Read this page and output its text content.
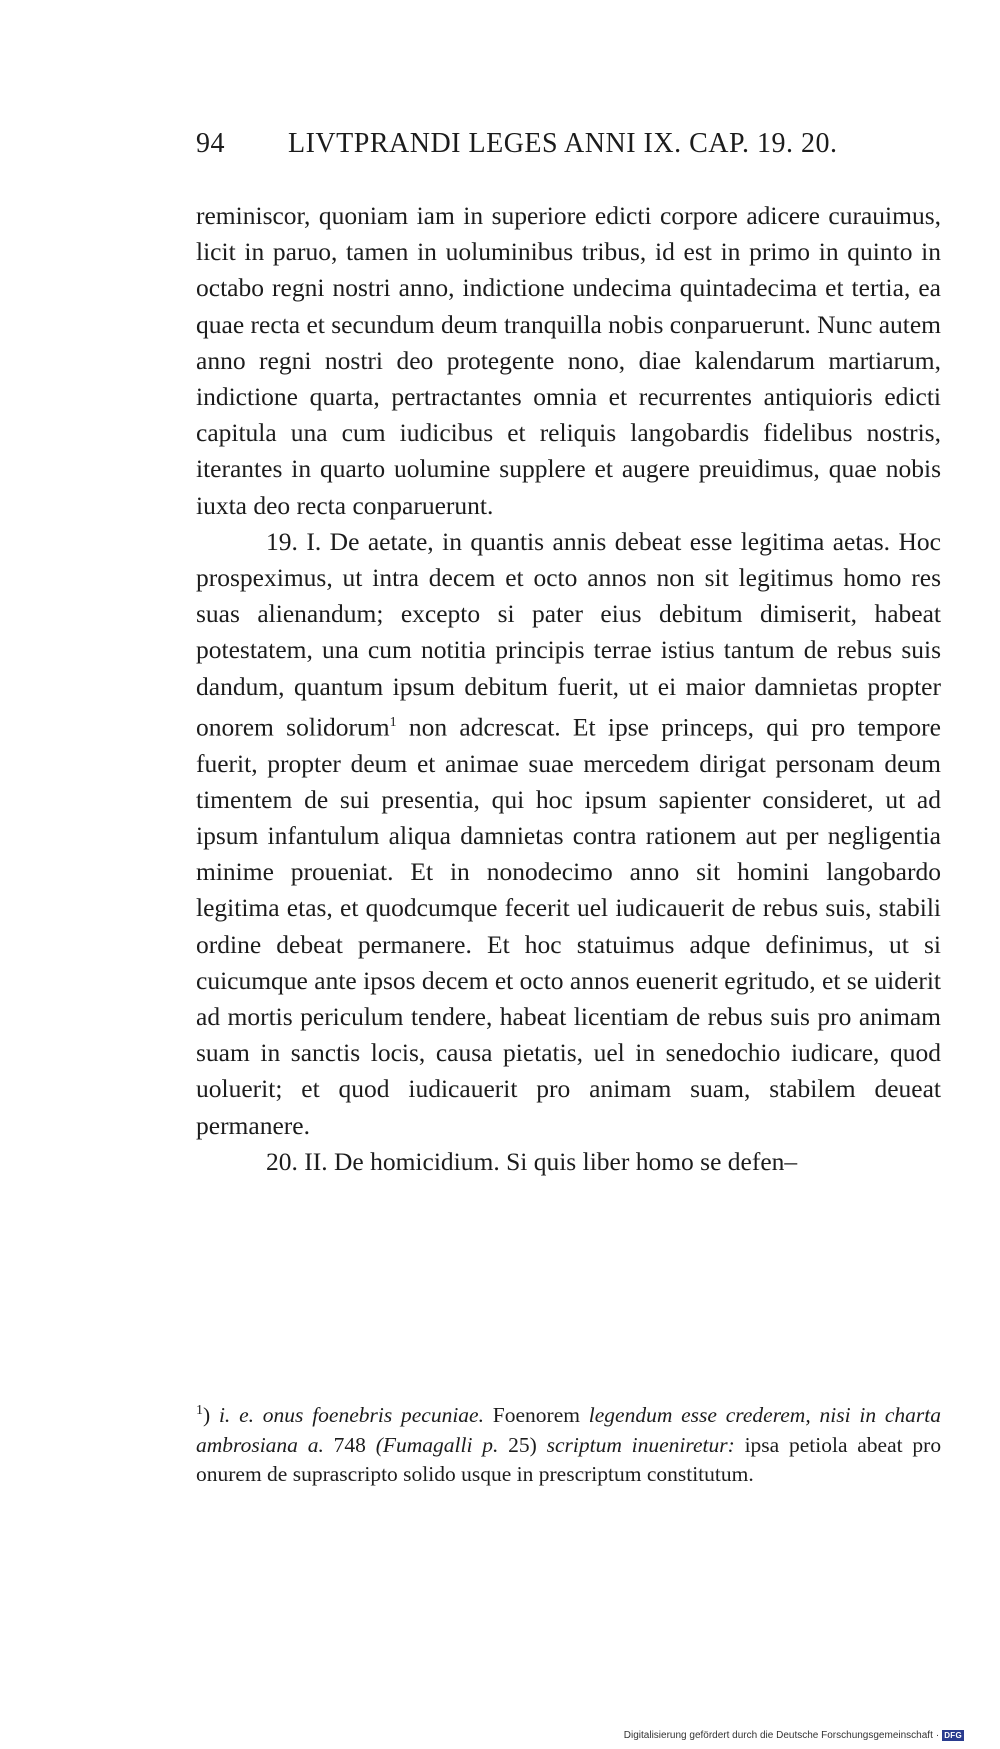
94 LIVTPRANDI LEGES ANNI IX. CAP. 19. 20.

reminiscor, quoniam iam in superiore edicti corpore adicere curauimus, licit in paruo, tamen in uoluminibus tribus, id est in primo in quinto in octabo regni nostri anno, indictione undecima quintadecima et tertia, ea quae recta et secundum deum tranquilla nobis conparuerunt. Nunc autem anno regni nostri deo protegente nono, diae kalendarum martiarum, indictione quarta, pertractantes omnia et recurrentes antiquioris edicti capitula una cum iudicibus et reliquis langobardis fidelibus nostris, iterantes in quarto uolumine supplere et augere preuidimus, quae nobis iuxta deo recta conparuerunt.

19. I. De aetate, in quantis annis debeat esse legitima aetas. Hoc prospeximus, ut intra decem et octo annos non sit legitimus homo res suas alienandum; excepto si pater eius debitum dimiserit, habeat potestatem, una cum notitia principis terrae istius tantum de rebus suis dandum, quantum ipsum debitum fuerit, ut ei maior damnietas propter onorem solidorum$^1$ non adcrescat. Et ipse princeps, qui pro tempore fuerit, propter deum et animae suae mercedem dirigat personam deum timentem de sui presentia, qui hoc ipsum sapienter consideret, ut ad ipsum infantulum aliqua damnietas contra rationem aut per negligentia minime proueniat. Et in nonodecimo anno sit homini langobardo legitima etas, et quodcumque fecerit uel iudicauerit de rebus suis, stabili ordine debeat permanere. Et hoc statuimus adque definimus, ut si cuicumque ante ipsos decem et octo annos euenerit egritudo, et se uiderit ad mortis periculum tendere, habeat licentiam de rebus suis pro animam suam in sanctis locis, causa pietatis, uel in senedochio iudicare, quod uoluerit; et quod iudicauerit pro animam suam, stabilem deueat permanere.

20. II. De homicidium. Si quis liber homo se defen–

$^1$) i. e. onus foenebris pecuniae. Foenorem legendum esse crederem, nisi in charta ambrosiana a. 748 (Fumagalli p. 25) scriptum inueniretur: ipsa petiola abeat pro onurem de suprascripto solido usque in prescriptum constitutum.
Digitalisierung gefördert durch die Deutsche Forschungsgemeinschaft · DFG
